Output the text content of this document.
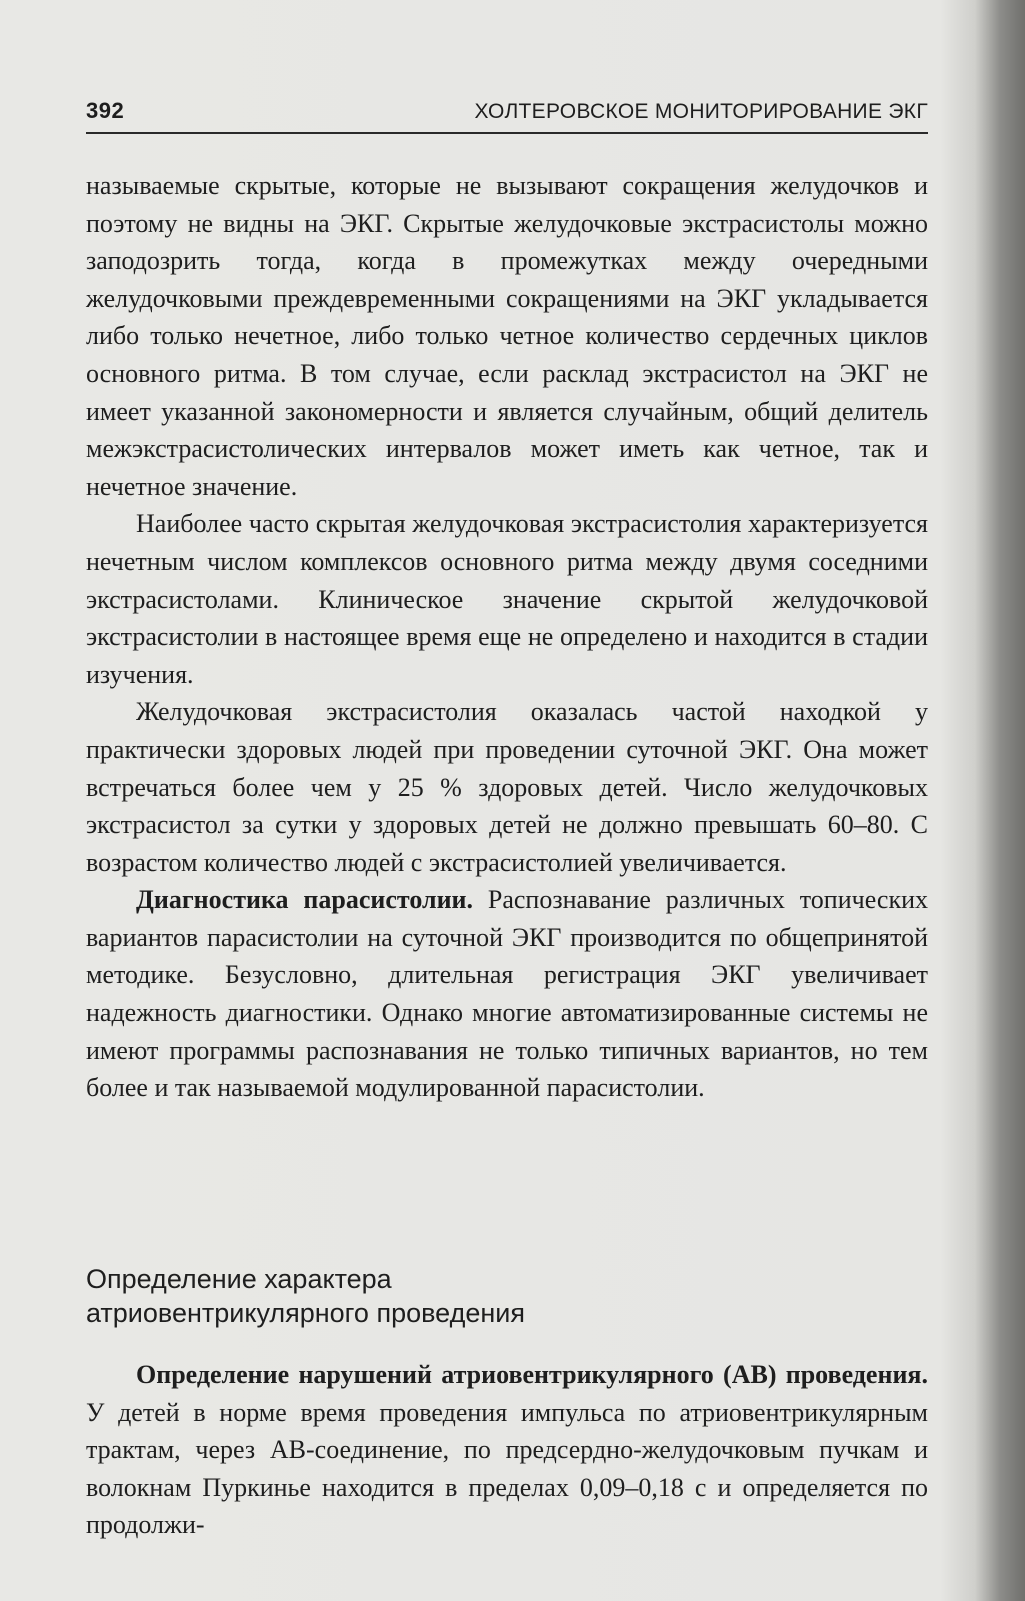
392	ХОЛТЕРОВСКОЕ МОНИТОРИРОВАНИЕ ЭКГ

называемые скрытые, которые не вызывают сокращения желудочков и поэтому не видны на ЭКГ. Скрытые желудочковые экстрасистолы можно заподозрить тогда, когда в промежутках между очередными желудочковыми преждевременными сокращениями на ЭКГ укладывается либо только нечетное, либо только четное количество сердечных циклов основного ритма. В том случае, если расклад экстрасистол на ЭКГ не имеет указанной закономерности и является случайным, общий делитель межэкстрасистолических интервалов может иметь как четное, так и нечетное значение.

Наиболее часто скрытая желудочковая экстрасистолия характеризуется нечетным числом комплексов основного ритма между двумя соседними экстрасистолами. Клиническое значение скрытой желудочковой экстрасистолии в настоящее время еще не определено и находится в стадии изучения.

Желудочковая экстрасистолия оказалась частой находкой у практически здоровых людей при проведении суточной ЭКГ. Она может встречаться более чем у 25 % здоровых детей. Число желудочковых экстрасистол за сутки у здоровых детей не должно превышать 60–80. С возрастом количество людей с экстрасистолией увеличивается.

Диагностика парасистолии. Распознавание различных топических вариантов парасистолии на суточной ЭКГ производится по общепринятой методике. Безусловно, длительная регистрация ЭКГ увеличивает надежность диагностики. Однако многие автоматизированные системы не имеют программы распознавания не только типичных вариантов, но тем более и так называемой модулированной парасистолии.

Определение характера
атриовентрикулярного проведения

Определение нарушений атриовентрикулярного (АВ) проведения. У детей в норме время проведения импульса по атриовентрикулярным трактам, через АВ-соединение, по предсердно-желудочковым пучкам и волокнам Пуркинье находится в пределах 0,09–0,18 с и определяется по продолжи-
